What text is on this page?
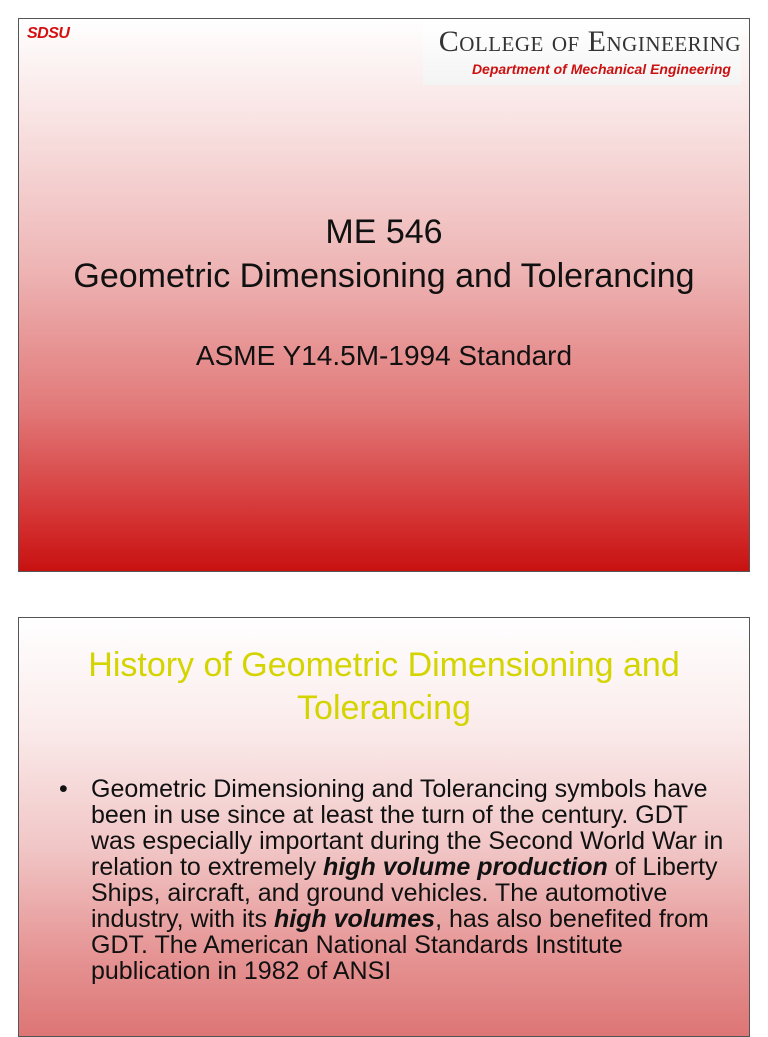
SDSU	College of Engineering
Department of Mechanical Engineering
ME 546
Geometric Dimensioning and Tolerancing
ASME Y14.5M-1994 Standard
History of Geometric Dimensioning and Tolerancing
• Geometric Dimensioning and Tolerancing symbols have been in use since at least the turn of the century. GDT was especially important during the Second World War in relation to extremely high volume production of Liberty Ships, aircraft, and ground vehicles. The automotive industry, with its high volumes, has also benefited from GDT. The American National Standards Institute publication in 1982 of ANSI
